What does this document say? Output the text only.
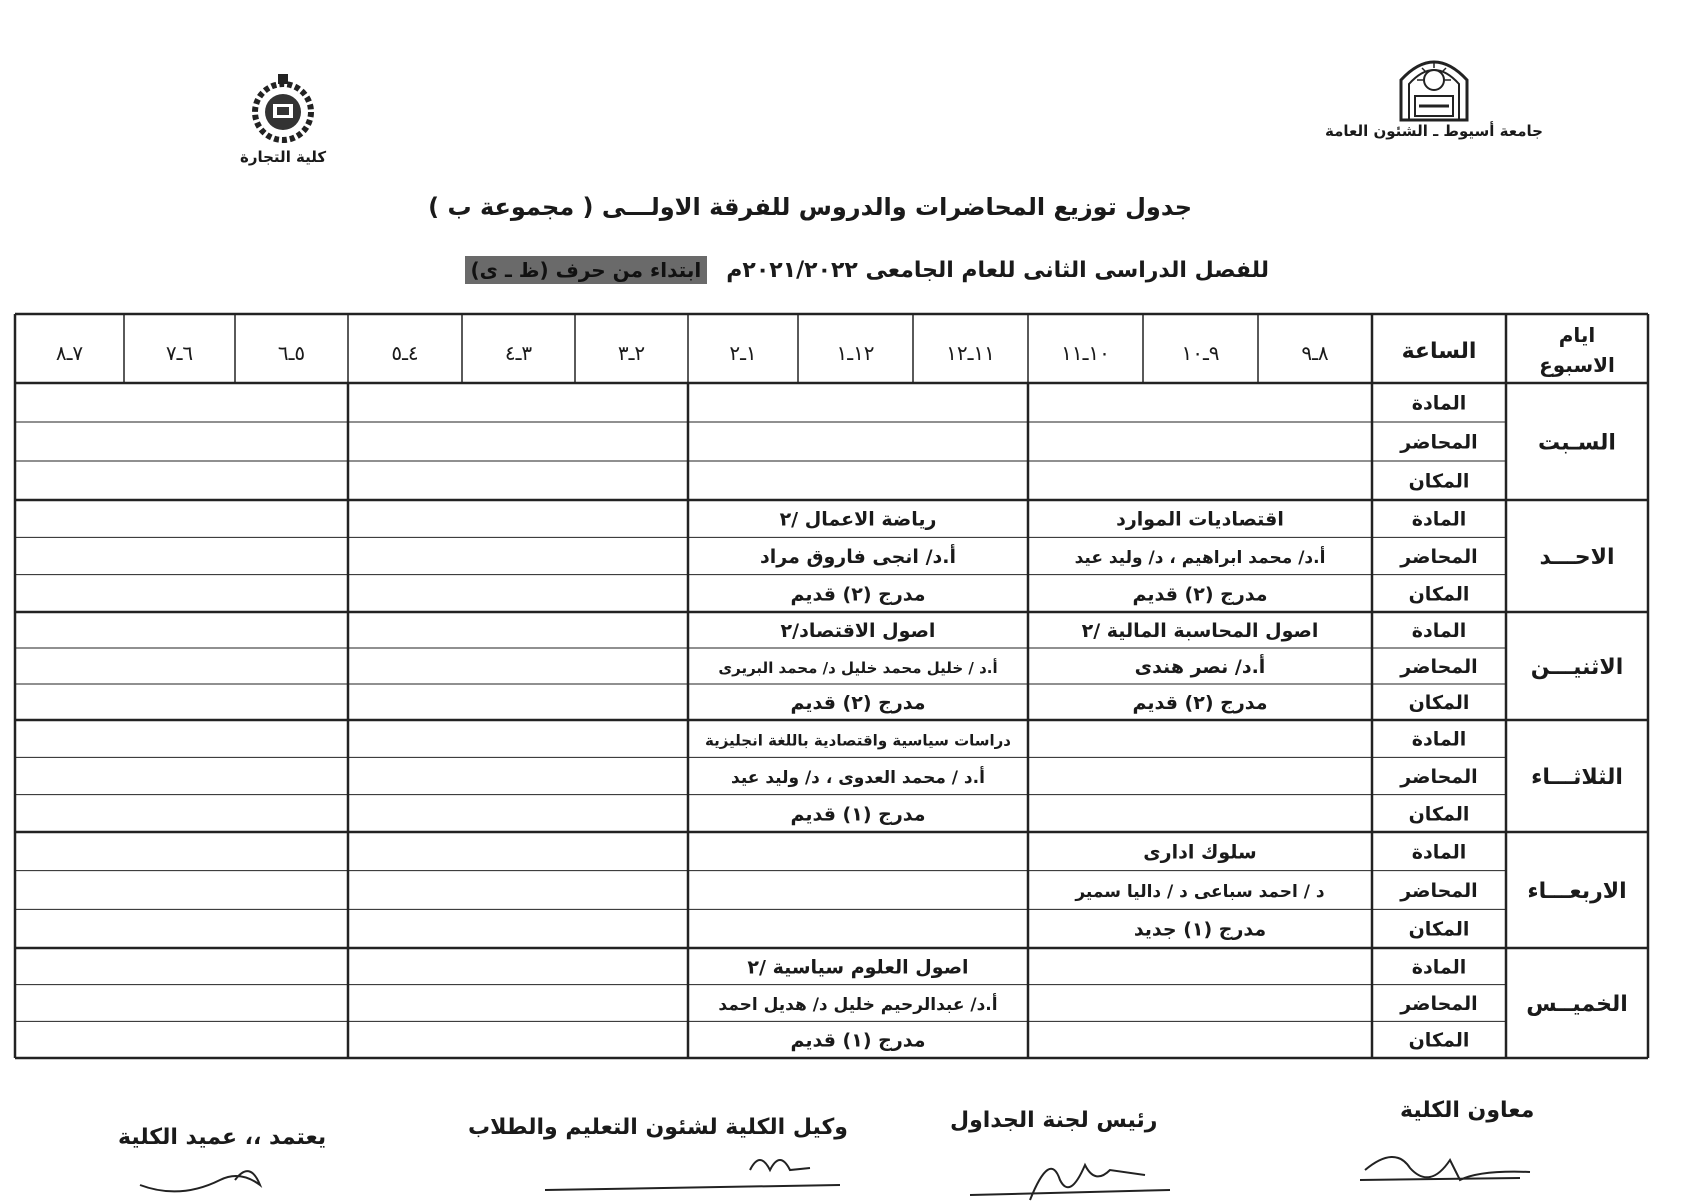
جامعة أسيوط ـ الشئون العامة
كلية التجارة
جدول توزيع المحاضرات والدروس للفرقة الاولـــى ( مجموعة ب )
للفصل الدراسى الثانى للعام الجامعى ٢٠٢١/٢٠٢٢م ابتداء من حرف (ظ ـ ى)
ايام
الاسبوع
الساعة
٨ـ٩
٩ـ١٠
١٠ـ١١
١١ـ١٢
١٢ـ١
١ـ٢
٢ـ٣
٣ـ٤
٤ـ٥
٥ـ٦
٦ـ٧
٧ـ٨
السـبت
المادة
المحاضر
المكان
الاحـــد
المادة
المحاضر
المكان
اقتصاديات الموارد
أ.د/ محمد ابراهيم ، د/ وليد عيد
مدرج (٢) قديم
رياضة الاعمال /٢
أ.د/ انجى فاروق مراد
مدرج (٢) قديم
الاثنيـــن
المادة
المحاضر
المكان
اصول المحاسبة المالية /٢
أ.د/ نصر هندى
مدرج (٢) قديم
اصول الاقتصاد/٢
أ.د / خليل محمد خليل د/ محمد البريرى
مدرج (٢) قديم
الثلاثـــاء
المادة
المحاضر
المكان
دراسات سياسية واقتصادية باللغة انجليزية
أ.د / محمد العدوى ، د/ وليد عيد
مدرج (١) قديم
الاربعـــاء
المادة
المحاضر
المكان
سلوك ادارى
د / احمد سباعى د / داليا سمير
مدرج (١) جديد
الخميــس
المادة
المحاضر
المكان
اصول العلوم سياسية /٢
أ.د/ عبدالرحيم خليل د/ هديل احمد
مدرج (١) قديم
معاون الكلية
رئيس لجنة الجداول
وكيل الكلية لشئون التعليم والطلاب
يعتمد ،، عميد الكلية
